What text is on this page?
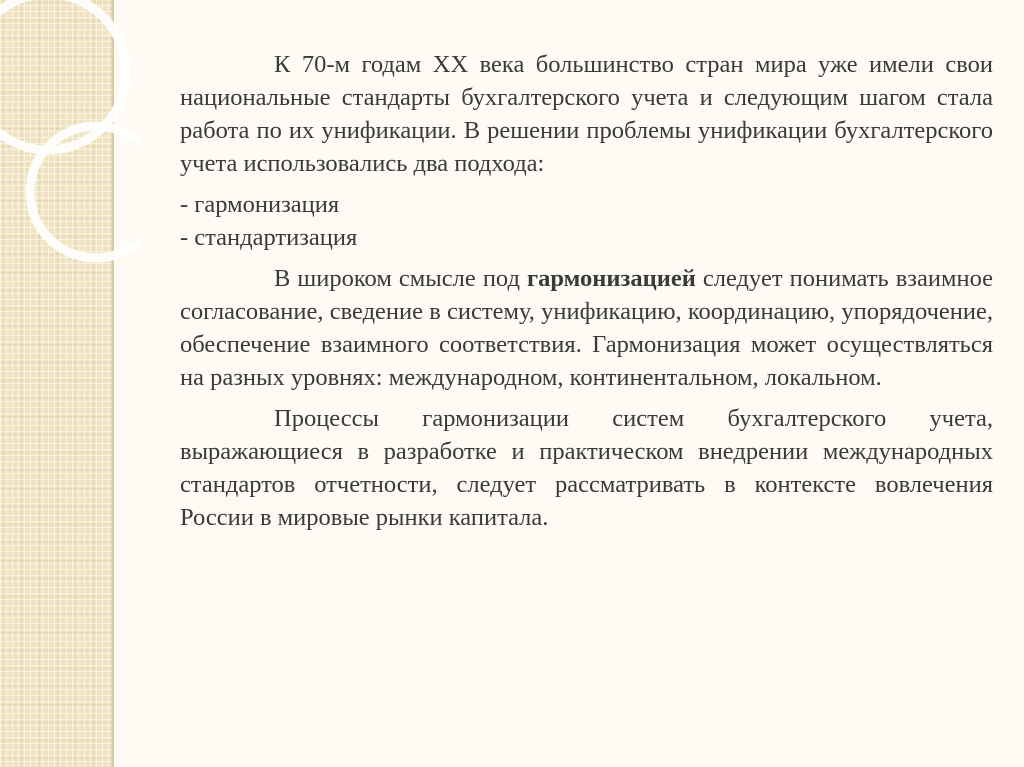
К 70-м годам XX века большинство стран мира уже имели свои национальные стандарты бухгалтерского учета и следующим шагом стала работа по их унификации. В решении проблемы унификации бухгалтерского учета использовались два подхода:

- гармонизация
- стандартизация

В широком смысле под гармонизацией следует понимать взаимное согласование, сведение в систему, унификацию, координацию, упорядочение, обеспечение взаимного соответствия. Гармонизация может осуществляться на разных уровнях: международном, континентальном, локальном.

Процессы гармонизации систем бухгалтерского учета, выражающиеся в разработке и практическом внедрении международных стандартов отчетности, следует рассматривать в контексте вовлечения России в мировые рынки капитала.
